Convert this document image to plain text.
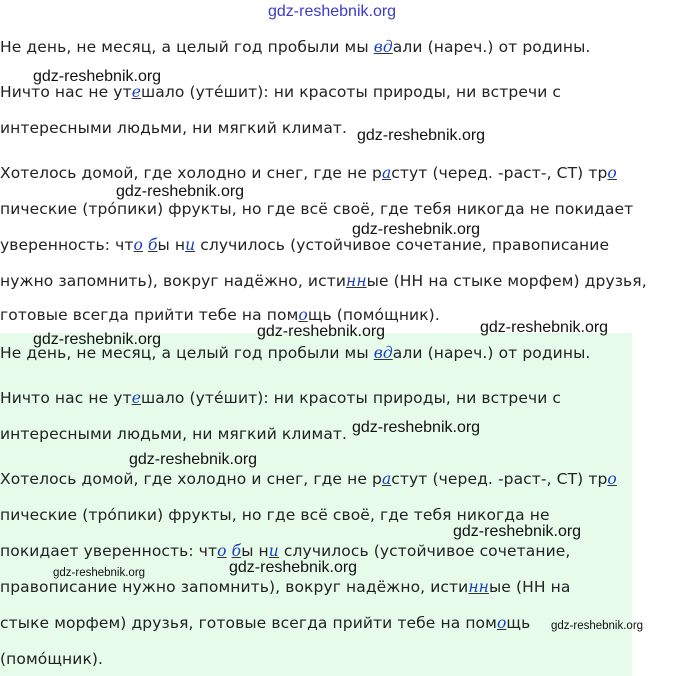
Не день, не месяц, а целый год пробыли мы вдали (нареч.) от родины.
Ничто нас не утешало (утéшит): ни красоты природы, ни встречи с
интересными людьми, ни мягкий климат.
Хотелось домой, где холодно и снег, где не растут (черед. -раст-, СТ) тро
пические (трóпики) фрукты, но где всё своё, где тебя никогда не покидает
уверенность: что бы ни случилось (устойчивое сочетание, правописание
нужно запомнить), вокруг надёжно, истинные (НН на стыке морфем) друзья,
готовые всегда прийти тебе на помощь (помóщник).
Не день, не месяц, а целый год пробыли мы вдали (нареч.) от родины.
Ничто нас не утешало (утéшит): ни красоты природы, ни встречи с
интересными людьми, ни мягкий климат.
Хотелось домой, где холодно и снег, где не растут (черед. -раст-, СТ) тро
пические (трóпики) фрукты, но где всё своё, где тебя никогда не
покидает уверенность: что бы ни случилось (устойчивое сочетание,
правописание нужно запомнить), вокруг надёжно, истинные (НН на
стыке морфем) друзья, готовые всегда прийти тебе на помощь
(помóщник).
gdz-reshebnik.org
gdz-reshebnik.org
gdz-reshebnik.org
gdz-reshebnik.org
gdz-reshebnik.org
gdz-reshebnik.org
gdz-reshebnik.org
gdz-reshebnik.org
gdz-reshebnik.org
gdz-reshebnik.org
gdz-reshebnik.org
gdz-reshebnik.org
gdz-reshebnik.org
gdz-reshebnik.org
